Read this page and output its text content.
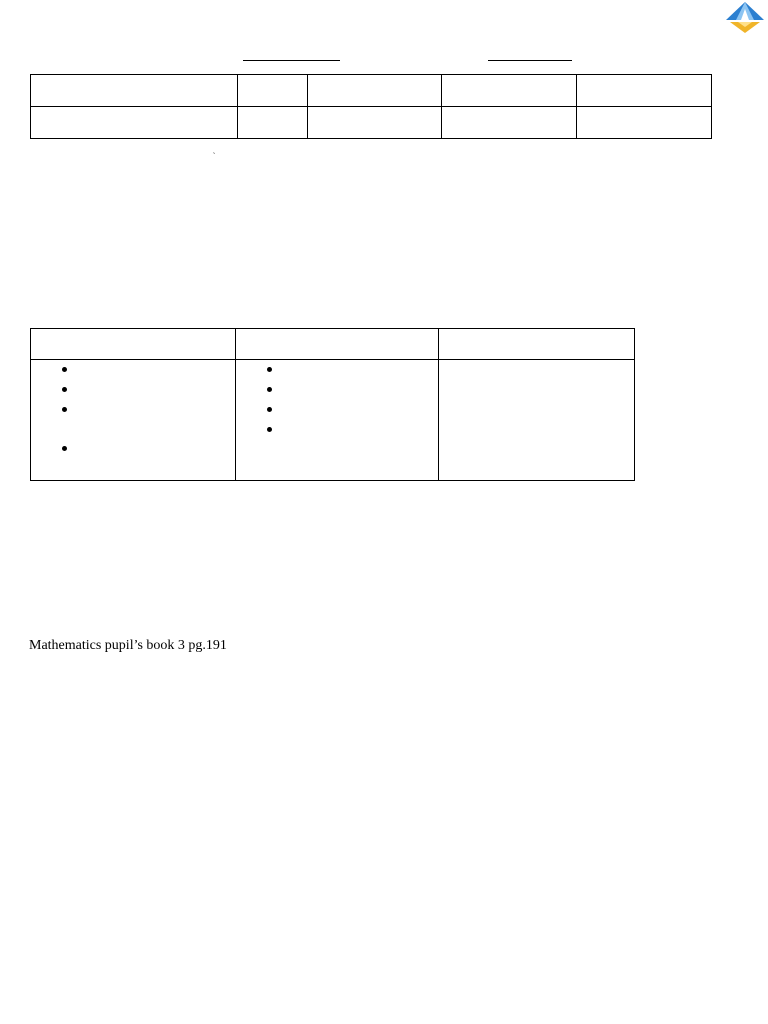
Mathematics pupil’s book 3 pg.191
